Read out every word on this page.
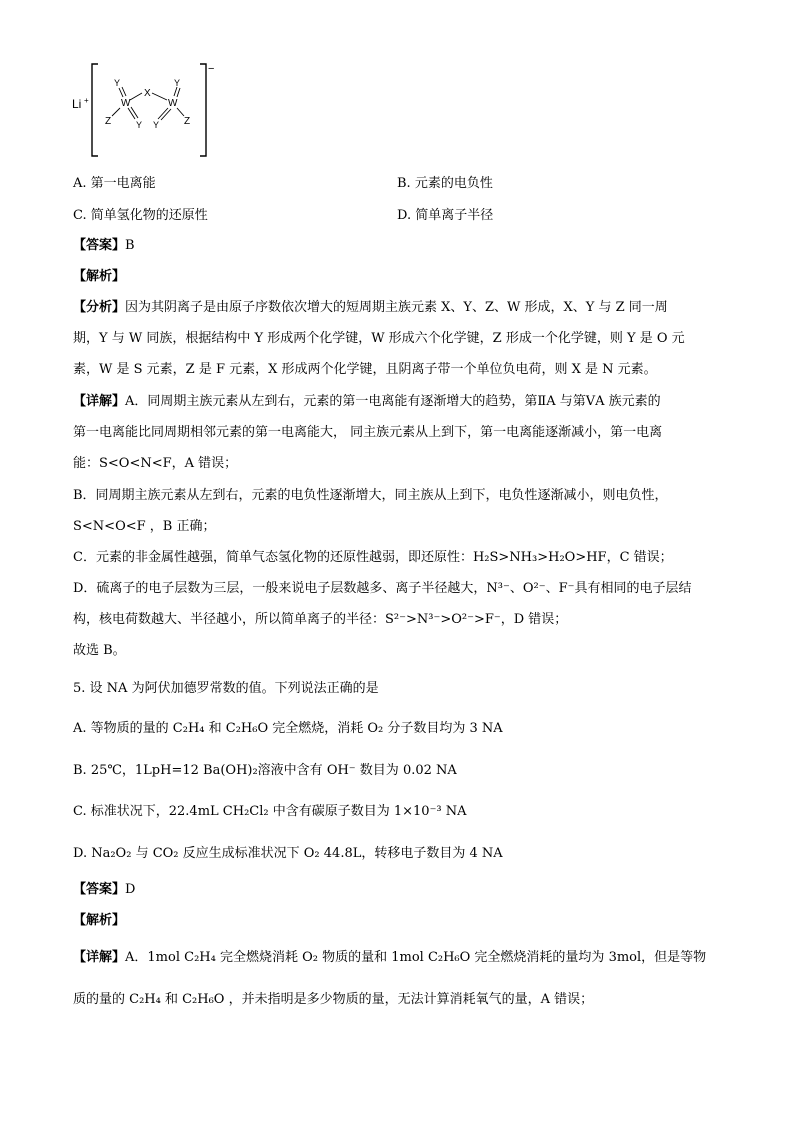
Li +
−
W	W
X
Y	Y
Z	Y Y Z
A. 第一电离能	B. 元素的电负性
C. 简单氢化物的还原性	D. 简单离子半径
【答案】B
【解析】
【分析】因为其阴离子是由原子序数依次增大的短周期主族元素 X、Y、Z、W 形成，X、Y 与 Z 同一周
期，Y 与 W 同族，根据结构中 Y 形成两个化学键，W 形成六个化学键，Z 形成一个化学键，则 Y 是 O 元
素，W 是 S 元素，Z 是 F 元素，X 形成两个化学键，且阴离子带一个单位负电荷，则 X 是 N 元素。
【详解】A．同周期主族元素从左到右，元素的第一电离能有逐渐增大的趋势，第ⅡA 与第ⅤA 族元素的
第一电离能比同周期相邻元素的第一电离能大， 同主族元素从上到下，第一电离能逐渐减小，第一电离
能：S<O<N<F，A 错误；
B．同周期主族元素从左到右，元素的电负性逐渐增大，同主族从上到下，电负性逐渐减小，则电负性，
S<N<O<F ，B 正确；
C．元素的非金属性越强，简单气态氢化物的还原性越弱，即还原性：H₂S>NH₃>H₂O>HF，C 错误；
D．硫离子的电子层数为三层，一般来说电子层数越多、离子半径越大，N³⁻、O²⁻、F⁻具有相同的电子层结
构，核电荷数越大、半径越小，所以简单离子的半径：S²⁻>N³⁻>O²⁻>F⁻，D 错误；
故选 B。
5. 设 NA 为阿伏加德罗常数的值。下列说法正确的是
A. 等物质的量的 C₂H₄ 和 C₂H₆O 完全燃烧，消耗 O₂ 分子数目均为 3 NA
B. 25℃，1LpH=12 Ba(OH)₂溶液中含有 OH⁻ 数目为 0.02 NA
C. 标准状况下，22.4mL CH₂Cl₂ 中含有碳原子数目为 1×10⁻³ NA
D. Na₂O₂ 与 CO₂ 反应生成标准状况下 O₂ 44.8L，转移电子数目为 4 NA
【答案】D
【解析】
【详解】A．1mol C₂H₄ 完全燃烧消耗 O₂ 物质的量和 1mol C₂H₆O 完全燃烧消耗的量均为 3mol，但是等物
质的量的 C₂H₄ 和 C₂H₆O ，并未指明是多少物质的量，无法计算消耗氧气的量，A 错误；
